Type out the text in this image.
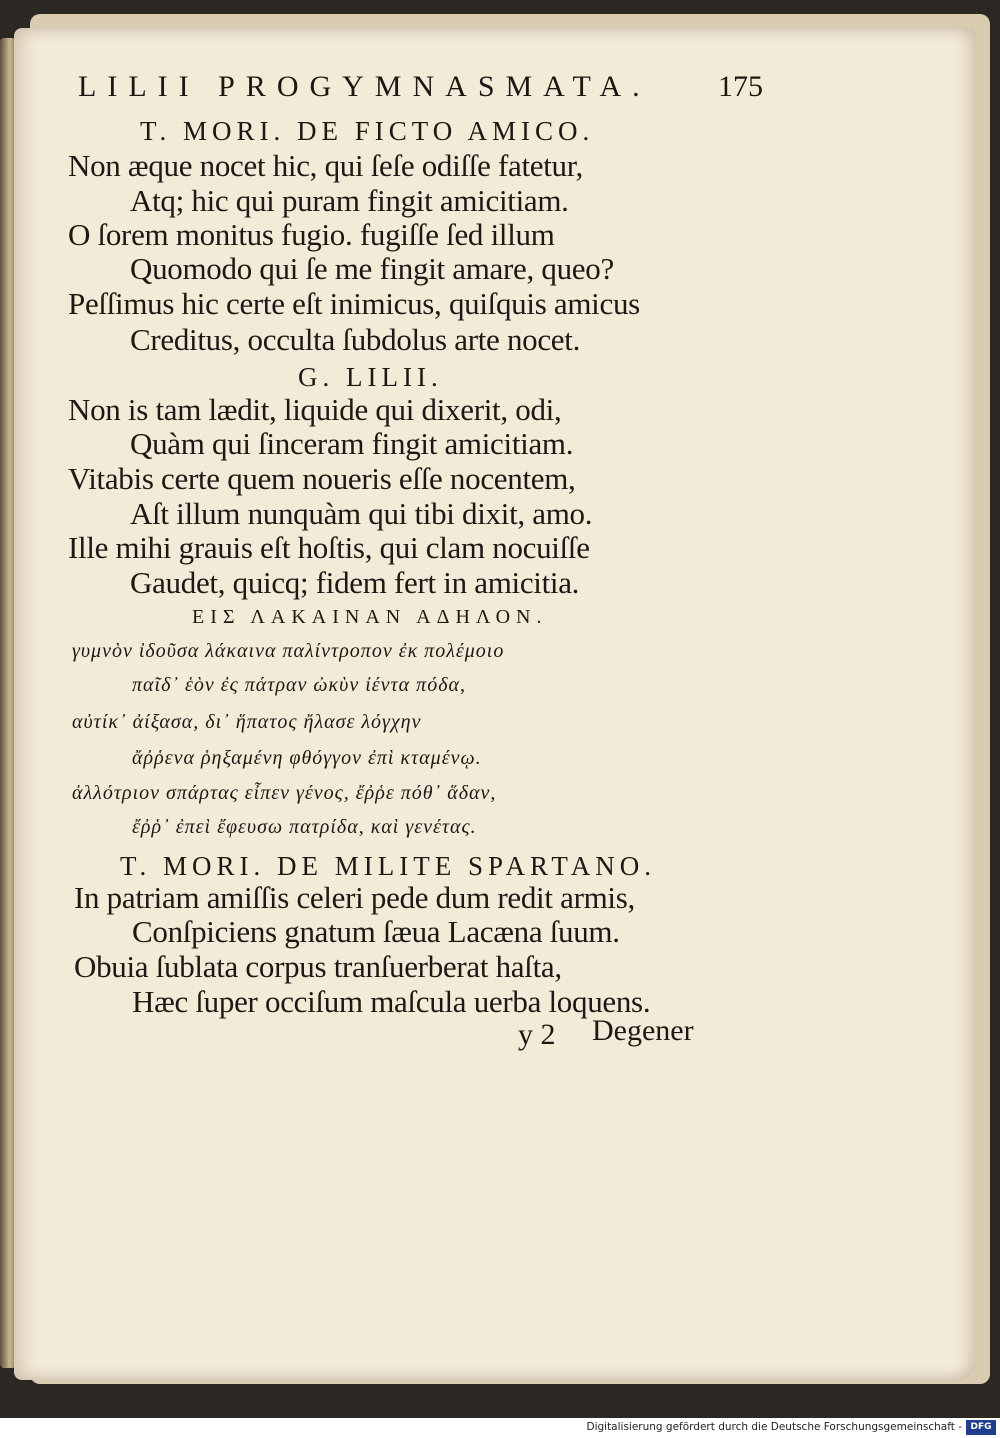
LILII PROGYMNASMATA. 175
T. MORI. DE FICTO AMICO.
Non æque nocet hic, qui ſeſe odiſſe fatetur,
Atq; hic qui puram fingit amicitiam.
O ſorem monitus fugio. fugiſſe ſed illum
Quomodo qui ſe me fingit amare, queo?
Peſſimus hic certe eſt inimicus, quiſquis amicus
Creditus, occulta ſubdolus arte nocet.
G. LILII.
Non is tam lædit, liquide qui dixerit, odi,
Quàm qui ſinceram fingit amicitiam.
Vitabis certe quem noueris eſſe nocentem,
Aſt illum nunquàm qui tibi dixit, amo.
Ille mihi grauis eſt hoſtis, qui clam nocuiſſe
Gaudet, quicq; fidem fert in amicitia.
ΕΙΣ ΛΑΚΑΙΝΑΝ ΑΔΗΛΟΝ.
γυμνὸν ἰδοῦσα λάκαινα παλίντροπον ἐκ πολέμοιο
παῖδ᾽ ἑὸν ἐς πάτραν ὠκὺν ἰέντα πόδα,
αὐτίκ᾽ ἀίξασα, δι᾽ ἥπατος ἤλασε λόγχην
ἄῤῥενα ῥηξαμένη φθόγγον ἐπὶ κταμένῳ.
ἀλλότριον σπάρτας εἶπεν γένος, ἔῤῥε πόθ᾽ ἅδαν,
ἔῤῥ᾽ ἐπεὶ ἔφευσω πατρίδα, καὶ γενέτας.
T. MORI. DE MILITE SPARTANO.
In patriam amiſſis celeri pede dum redit armis,
Conſpiciens gnatum ſæua Lacæna ſuum.
Obuia ſublata corpus tranſuerberat haſta,
Hæc ſuper occiſum maſcula uerba loquens.
y 2 Degener
Digitalisierung gefördert durch die Deutsche Forschungsgemeinschaft - DFG
